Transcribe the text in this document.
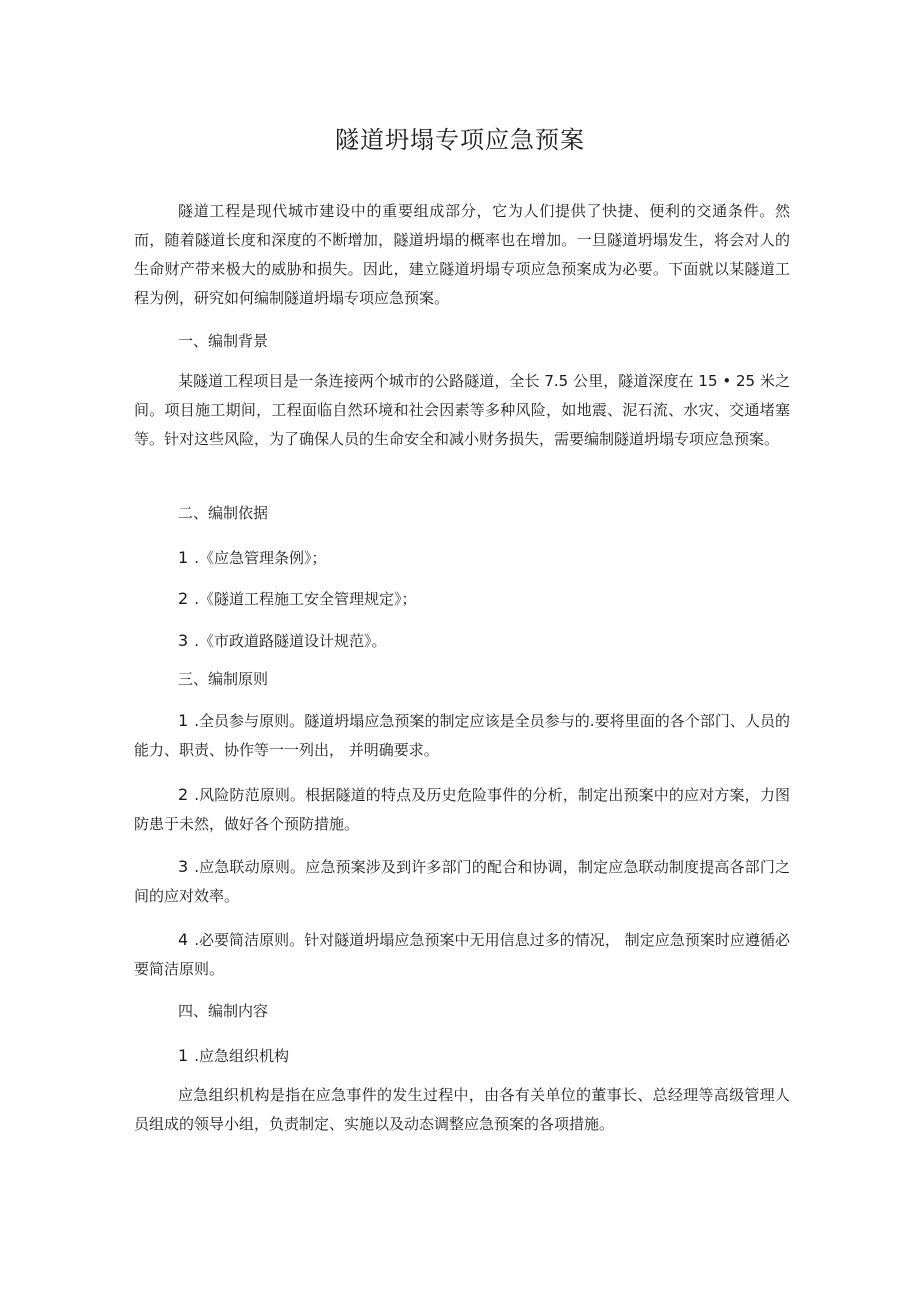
隧道坍塌专项应急预案

隧道工程是现代城市建设中的重要组成部分，它为人们提供了快捷、便利的交通条件。然而，随着隧道长度和深度的不断增加，隧道坍塌的概率也在增加。一旦隧道坍塌发生，将会对人的生命财产带来极大的威胁和损失。因此，建立隧道坍塌专项应急预案成为必要。下面就以某隧道工程为例，研究如何编制隧道坍塌专项应急预案。

一、编制背景

某隧道工程项目是一条连接两个城市的公路隧道，全长 7.5 公里，隧道深度在 15 • 25 米之间。项目施工期间，工程面临自然环境和社会因素等多种风险，如地震、泥石流、水灾、交通堵塞等。针对这些风险，为了确保人员的生命安全和减小财务损失，需要编制隧道坍塌专项应急预案。

二、编制依据

1 .《应急管理条例》；

2 .《隧道工程施工安全管理规定》；

3 .《市政道路隧道设计规范》。

三、编制原则

1 .全员参与原则。隧道坍塌应急预案的制定应该是全员参与的.要将里面的各个部门、人员的能力、职责、协作等一一列出， 并明确要求。

2 .风险防范原则。根据隧道的特点及历史危险事件的分析，制定出预案中的应对方案，力图防患于未然，做好各个预防措施。

3 .应急联动原则。应急预案涉及到许多部门的配合和协调，制定应急联动制度提高各部门之间的应对效率。

4 .必要简洁原则。针对隧道坍塌应急预案中无用信息过多的情况， 制定应急预案时应遵循必要简洁原则。

四、编制内容

1 .应急组织机构

应急组织机构是指在应急事件的发生过程中，由各有关单位的董事长、总经理等高级管理人员组成的领导小组，负责制定、实施以及动态调整应急预案的各项措施。
